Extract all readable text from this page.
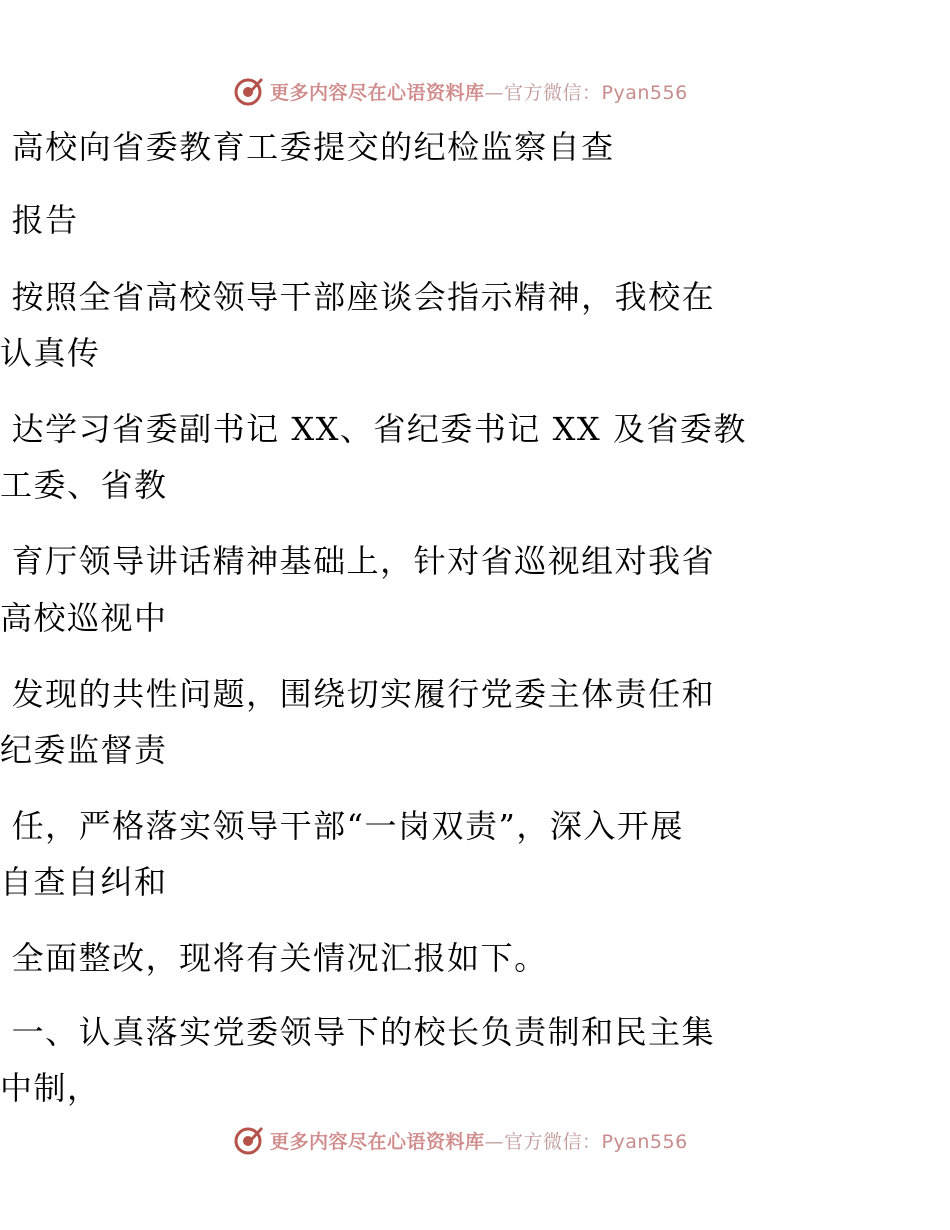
更多内容尽在心语资料库—官方微信：Pyan556
高校向省委教育工委提交的纪检监察自查
报告
按照全省高校领导干部座谈会指示精神，我校在
认真传
达学习省委副书记 XX、省纪委书记 XX 及省委教
工委、省教
育厅领导讲话精神基础上，针对省巡视组对我省
高校巡视中
发现的共性问题，围绕切实履行党委主体责任和
纪委监督责
任，严格落实领导干部“一岗双责”，深入开展
自查自纠和
全面整改，现将有关情况汇报如下。
一、认真落实党委领导下的校长负责制和民主集
中制，
更多内容尽在心语资料库—官方微信：Pyan556
